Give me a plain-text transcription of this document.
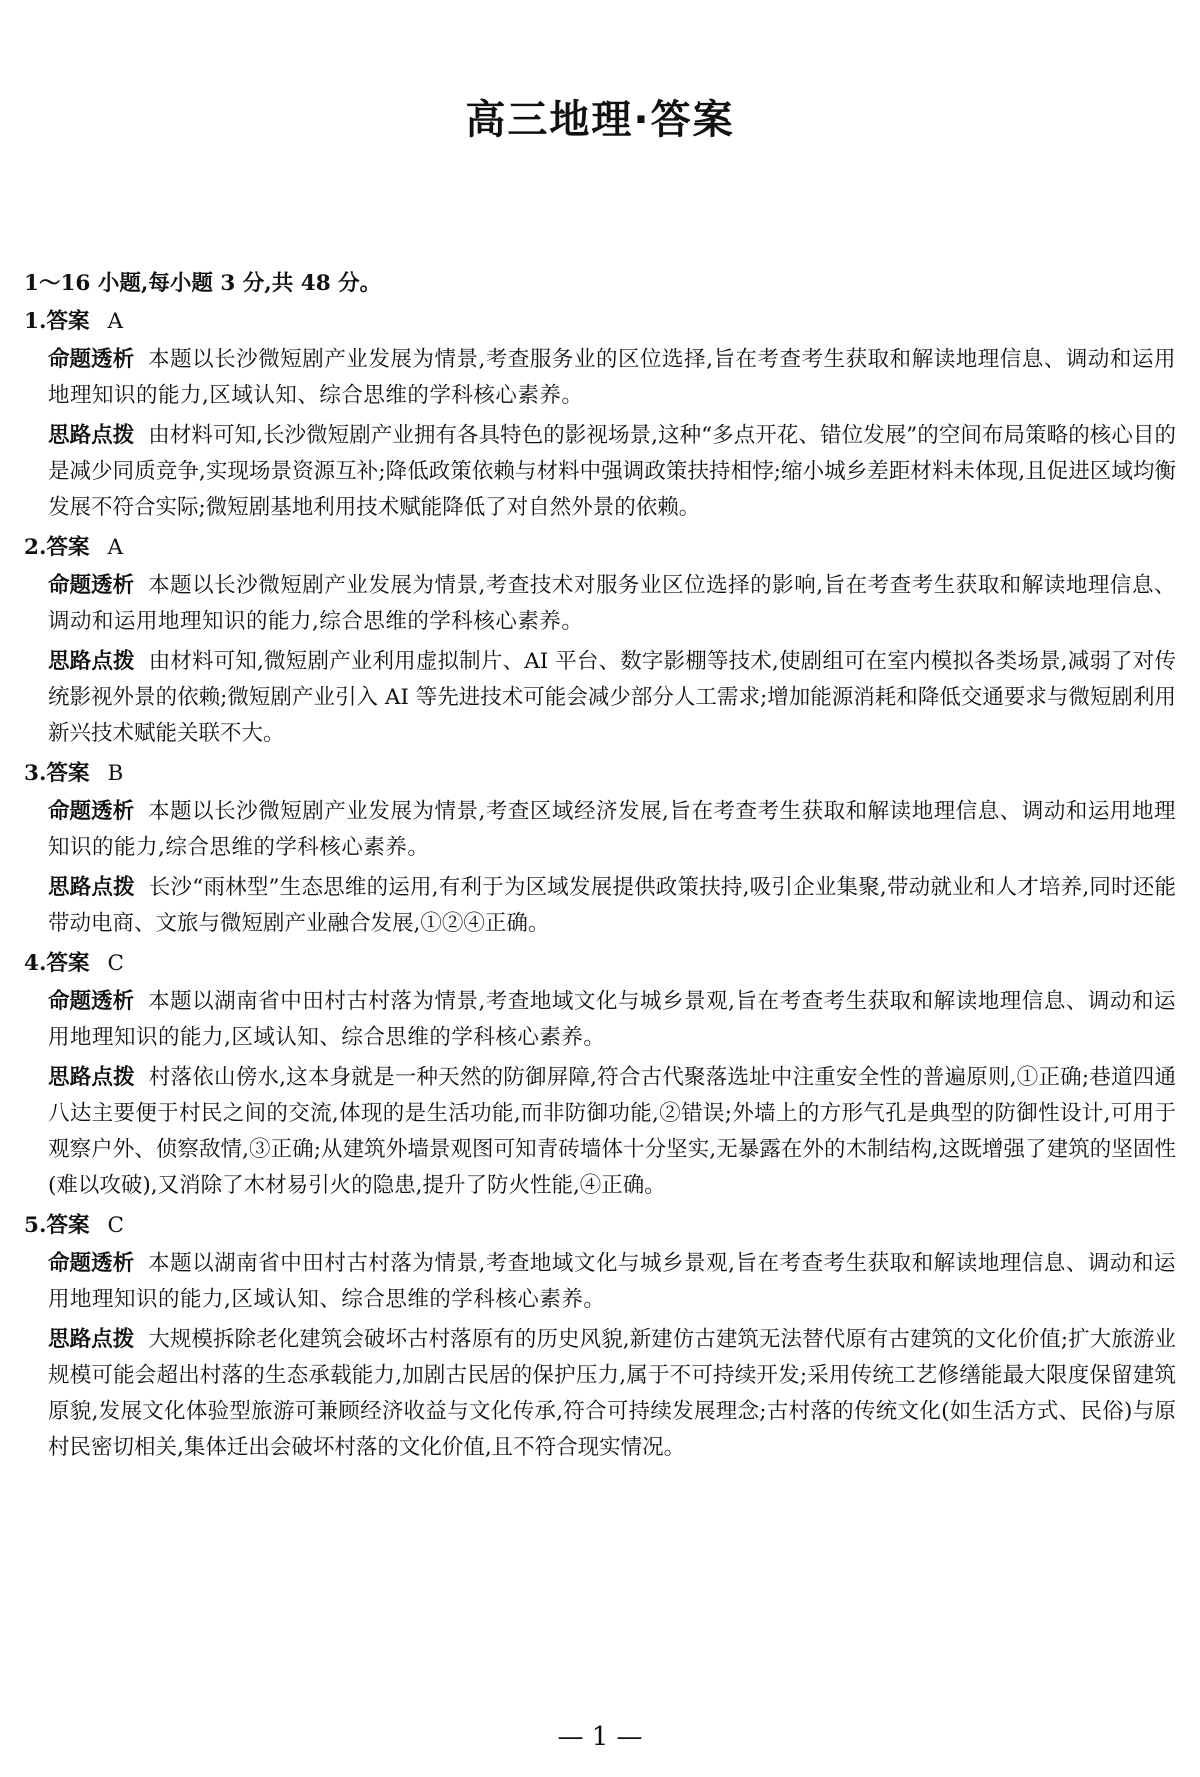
高三地理·答案
1～16 小题,每小题 3 分,共 48 分。
1.答案 A
命题透析 本题以长沙微短剧产业发展为情景,考查服务业的区位选择,旨在考查考生获取和解读地理信息、调动和运用地理知识的能力,区域认知、综合思维的学科核心素养。
思路点拨 由材料可知,长沙微短剧产业拥有各具特色的影视场景,这种“多点开花、错位发展”的空间布局策略的核心目的是减少同质竞争,实现场景资源互补;降低政策依赖与材料中强调政策扶持相悖;缩小城乡差距材料未体现,且促进区域均衡发展不符合实际;微短剧基地利用技术赋能降低了对自然外景的依赖。
2.答案 A
命题透析 本题以长沙微短剧产业发展为情景,考查技术对服务业区位选择的影响,旨在考查考生获取和解读地理信息、调动和运用地理知识的能力,综合思维的学科核心素养。
思路点拨 由材料可知,微短剧产业利用虚拟制片、AI 平台、数字影棚等技术,使剧组可在室内模拟各类场景,减弱了对传统影视外景的依赖;微短剧产业引入 AI 等先进技术可能会减少部分人工需求;增加能源消耗和降低交通要求与微短剧利用新兴技术赋能关联不大。
3.答案 B
命题透析 本题以长沙微短剧产业发展为情景,考查区域经济发展,旨在考查考生获取和解读地理信息、调动和运用地理知识的能力,综合思维的学科核心素养。
思路点拨 长沙“雨林型”生态思维的运用,有利于为区域发展提供政策扶持,吸引企业集聚,带动就业和人才培养,同时还能带动电商、文旅与微短剧产业融合发展,①②④正确。
4.答案 C
命题透析 本题以湖南省中田村古村落为情景,考查地域文化与城乡景观,旨在考查考生获取和解读地理信息、调动和运用地理知识的能力,区域认知、综合思维的学科核心素养。
思路点拨 村落依山傍水,这本身就是一种天然的防御屏障,符合古代聚落选址中注重安全性的普遍原则,①正确;巷道四通八达主要便于村民之间的交流,体现的是生活功能,而非防御功能,②错误;外墙上的方形气孔是典型的防御性设计,可用于观察户外、侦察敌情,③正确;从建筑外墙景观图可知青砖墙体十分坚实,无暴露在外的木制结构,这既增强了建筑的坚固性(难以攻破),又消除了木材易引火的隐患,提升了防火性能,④正确。
5.答案 C
命题透析 本题以湖南省中田村古村落为情景,考查地域文化与城乡景观,旨在考查考生获取和解读地理信息、调动和运用地理知识的能力,区域认知、综合思维的学科核心素养。
思路点拨 大规模拆除老化建筑会破坏古村落原有的历史风貌,新建仿古建筑无法替代原有古建筑的文化价值;扩大旅游业规模可能会超出村落的生态承载能力,加剧古民居的保护压力,属于不可持续开发;采用传统工艺修缮能最大限度保留建筑原貌,发展文化体验型旅游可兼顾经济收益与文化传承,符合可持续发展理念;古村落的传统文化(如生活方式、民俗)与原村民密切相关,集体迁出会破坏村落的文化价值,且不符合现实情况。
— 1 —
